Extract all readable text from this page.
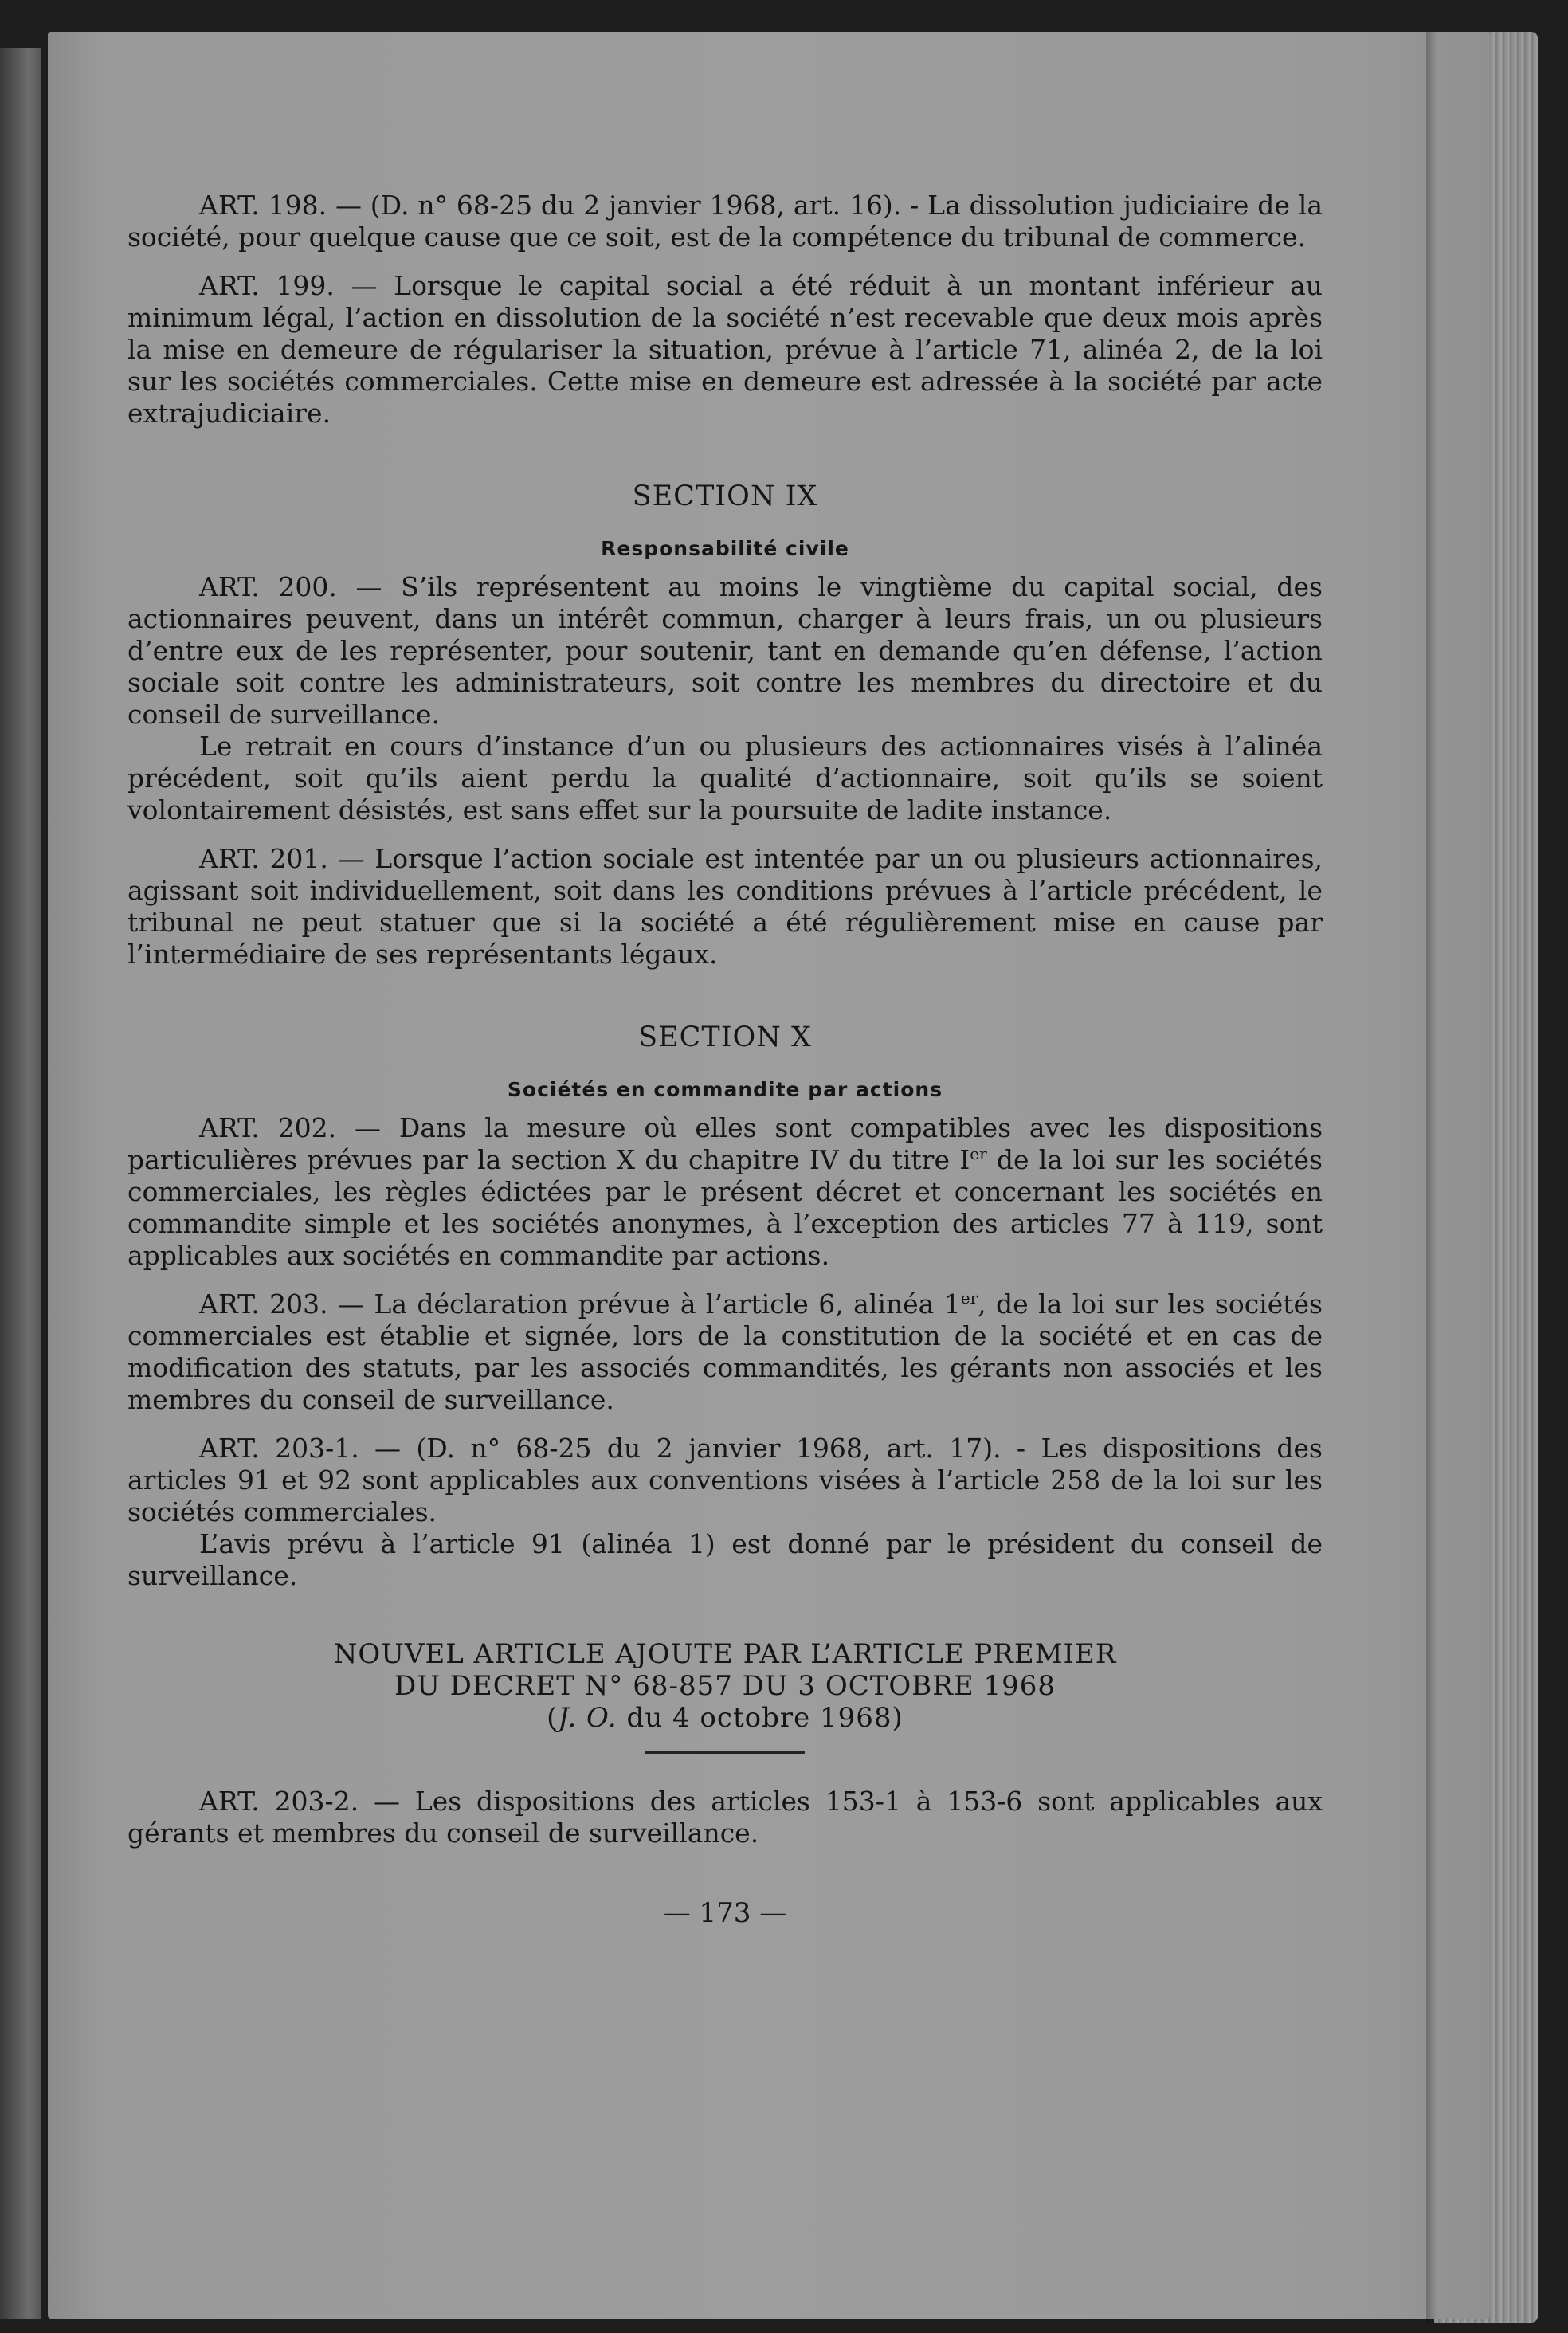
ART. 198. — (D. n° 68-25 du 2 janvier 1968, art. 16). - La dissolution judiciaire de la société, pour quelque cause que ce soit, est de la compétence du tribunal de commerce.

ART. 199. — Lorsque le capital social a été réduit à un montant inférieur au minimum légal, l’action en dissolution de la société n’est recevable que deux mois après la mise en demeure de régulariser la situation, prévue à l’article 71, alinéa 2, de la loi sur les sociétés commerciales. Cette mise en demeure est adressée à la société par acte extrajudiciaire.

SECTION IX

Responsabilité civile

ART. 200. — S’ils représentent au moins le vingtième du capital social, des actionnaires peuvent, dans un intérêt commun, charger à leurs frais, un ou plusieurs d’entre eux de les représenter, pour soutenir, tant en demande qu’en défense, l’action sociale soit contre les administrateurs, soit contre les membres du directoire et du conseil de surveillance.

Le retrait en cours d’instance d’un ou plusieurs des actionnaires visés à l’alinéa précédent, soit qu’ils aient perdu la qualité d’actionnaire, soit qu’ils se soient volontairement désistés, est sans effet sur la poursuite de ladite instance.

ART. 201. — Lorsque l’action sociale est intentée par un ou plusieurs actionnaires, agissant soit individuellement, soit dans les conditions prévues à l’article précédent, le tribunal ne peut statuer que si la société a été régulièrement mise en cause par l’intermédiaire de ses représentants légaux.

SECTION X

Sociétés en commandite par actions

ART. 202. — Dans la mesure où elles sont compatibles avec les dispositions particulières prévues par la section X du chapitre IV du titre Ier de la loi sur les sociétés commerciales, les règles édictées par le présent décret et concernant les sociétés en commandite simple et les sociétés anonymes, à l’exception des articles 77 à 119, sont applicables aux sociétés en commandite par actions.

ART. 203. — La déclaration prévue à l’article 6, alinéa 1er, de la loi sur les sociétés commerciales est établie et signée, lors de la constitution de la société et en cas de modification des statuts, par les associés commandités, les gérants non associés et les membres du conseil de surveillance.

ART. 203-1. — (D. n° 68-25 du 2 janvier 1968, art. 17). - Les dispositions des articles 91 et 92 sont applicables aux conventions visées à l’article 258 de la loi sur les sociétés commerciales.

L’avis prévu à l’article 91 (alinéa 1) est donné par le président du conseil de surveillance.

NOUVEL ARTICLE AJOUTE PAR L’ARTICLE PREMIER
DU DECRET N° 68-857 DU 3 OCTOBRE 1968
(J. O. du 4 octobre 1968)

ART. 203-2. — Les dispositions des articles 153-1 à 153-6 sont applicables aux gérants et membres du conseil de surveillance.

— 173 —
